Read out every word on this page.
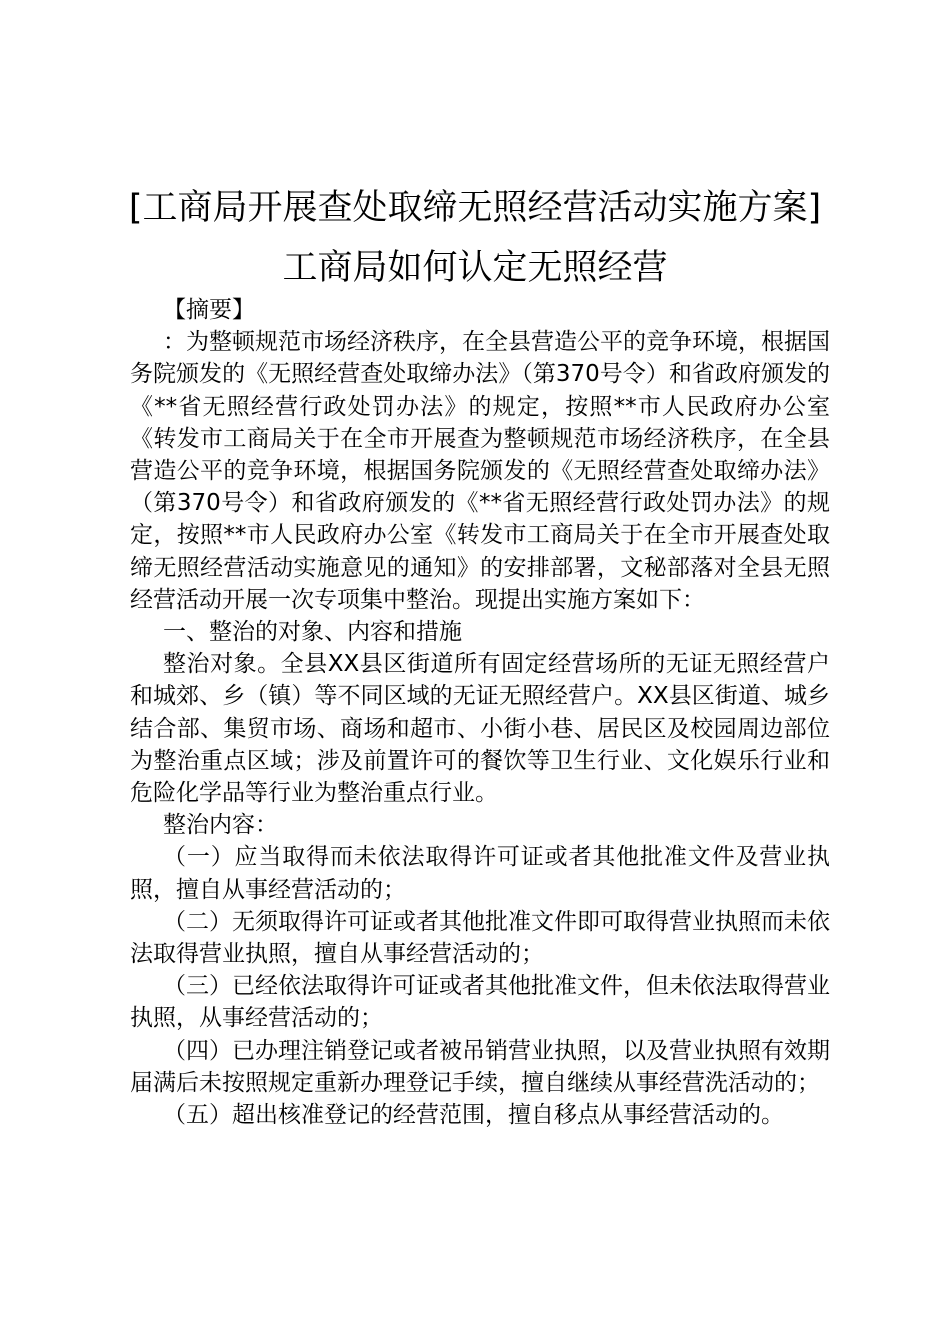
[工商局开展查处取缔无照经营活动实施方案]
工商局如何认定无照经营

【摘要】

：为整顿规范市场经济秩序，在全县营造公平的竞争环境，根据国务院颁发的《无照经营查处取缔办法》（第370号令）和省政府颁发的《**省无照经营行政处罚办法》的规定，按照**市人民政府办公室《转发市工商局关于在全市开展查为整顿规范市场经济秩序，在全县营造公平的竞争环境，根据国务院颁发的《无照经营查处取缔办法》（第370号令）和省政府颁发的《**省无照经营行政处罚办法》的规定，按照**市人民政府办公室《转发市工商局关于在全市开展查处取缔无照经营活动实施意见的通知》的安排部署，文秘部落对全县无照经营活动开展一次专项集中整治。现提出实施方案如下：

一、整治的对象、内容和措施

整治对象。全县XX县区街道所有固定经营场所的无证无照经营户和城郊、乡（镇）等不同区域的无证无照经营户。XX县区街道、城乡结合部、集贸市场、商场和超市、小街小巷、居民区及校园周边部位为整治重点区域；涉及前置许可的餐饮等卫生行业、文化娱乐行业和危险化学品等行业为整治重点行业。

整治内容：

（一）应当取得而未依法取得许可证或者其他批准文件及营业执照，擅自从事经营活动的；

（二）无须取得许可证或者其他批准文件即可取得营业执照而未依法取得营业执照，擅自从事经营活动的；

（三）已经依法取得许可证或者其他批准文件，但未依法取得营业执照，从事经营活动的；

（四）已办理注销登记或者被吊销营业执照，以及营业执照有效期届满后未按照规定重新办理登记手续，擅自继续从事经营洗活动的；

（五）超出核准登记的经营范围，擅自移点从事经营活动的。
